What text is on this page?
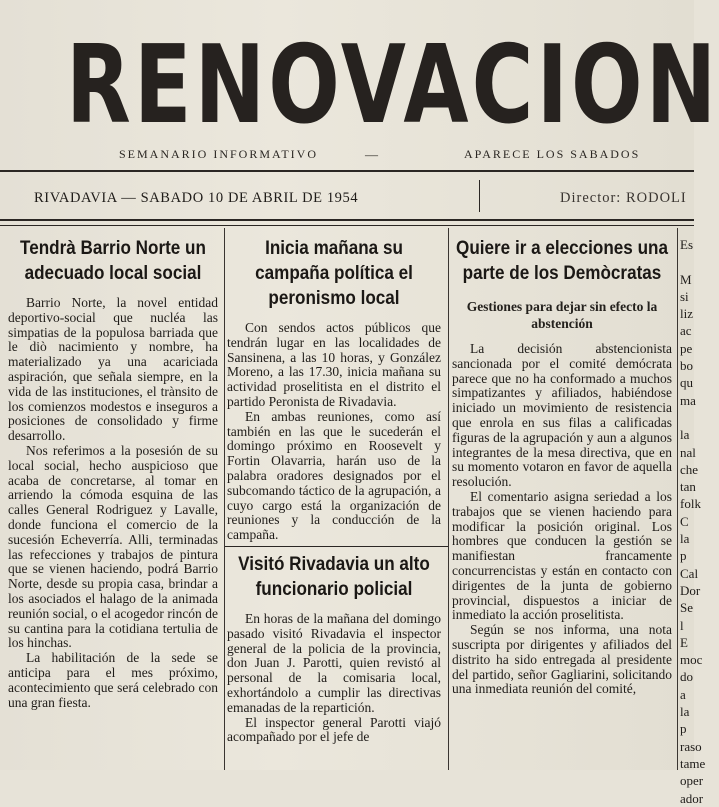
RENOVACION
SEMANARIO INFORMATIVO	—	APARECE LOS SABADOS
RIVADAVIA — SABADO 10 DE ABRIL DE 1954	Director: RODOLI
Tendrà Barrio Norte un adecuado local social

Barrio Norte, la novel entidad deportivo-social que nucléa las simpatias de la populosa barriada que le diò nacimiento y nombre, ha materializado ya una acariciada aspiración, que señala siempre, en la vida de las instituciones, el trànsito de los comienzos modestos e inseguros a posiciones de consolidado y firme desarrollo.

Nos referimos a la posesión de su local social, hecho auspicioso que acaba de concretarse, al tomar en arriendo la cómoda esquina de las calles General Rodriguez y Lavalle, donde funciona el comercio de la sucesión Echeverría. Alli, terminadas las refecciones y trabajos de pintura que se vienen haciendo, podrá Barrio Norte, desde su propia casa, brindar a los asociados el halago de la animada reunión social, o el acogedor rincón de su cantina para la cotidiana tertulia de los hinchas.

La habilitación de la sede se anticipa para el mes próximo, acontecimiento que será celebrado con una gran fiesta.

Inicia mañana su campaña política el peronismo local

Con sendos actos públicos que tendrán lugar en las localidades de Sansinena, a las 10 horas, y González Moreno, a las 17.30, inicia mañana su actividad proselitista en el distrito el partido Peronista de Rivadavia.

En ambas reuniones, como así también en las que le sucederán el domingo próximo en Roosevelt y Fortin Olavarria, harán uso de la palabra oradores designados por el subcomando táctico de la agrupación, a cuyo cargo está la organización de reuniones y la conducción de la campaña.

Visitó Rivadavia un alto funcionario policial

En horas de la mañana del domingo pasado visitó Rivadavia el inspector general de la policia de la provincia, don Juan J. Parotti, quien revistó al personal de la comisaria local, exhortándolo a cumplir las directivas emanadas de la repartición.

El inspector general Parotti viajó acompañado por el jefe de

Quiere ir a elecciones una parte de los Demòcratas
Gestiones para dejar sin efecto la abstención

La decisión abstencionista sancionada por el comité demócrata parece que no ha conformado a muchos simpatizantes y afiliados, habiéndose iniciado un movimiento de resistencia que enrola en sus filas a calificadas figuras de la agrupación y aun a algunos integrantes de la mesa directiva, que en su momento votaron en favor de aquella resolución.

El comentario asigna seriedad a los trabajos que se vienen haciendo para modificar la posición original. Los hombres que conducen la gestión se manifiestan francamente concurrencistas y están en contacto con dirigentes de la junta de gobierno provincial, dispuestos a iniciar de inmediato la acción proselitista.

Según se nos informa, una nota suscripta por dirigentes y afiliados del distrito ha sido entregada al presidente del partido, señor Gagliarini, solicitando una inmediata reunión del comité,

Es

M
si
liz
ac
pe
bo
qu
ma

la
nal
che
tan
folk
C
la p
Cal
Dor
Se
l
E
moc
do a
la p
raso
tame
oper
ador
